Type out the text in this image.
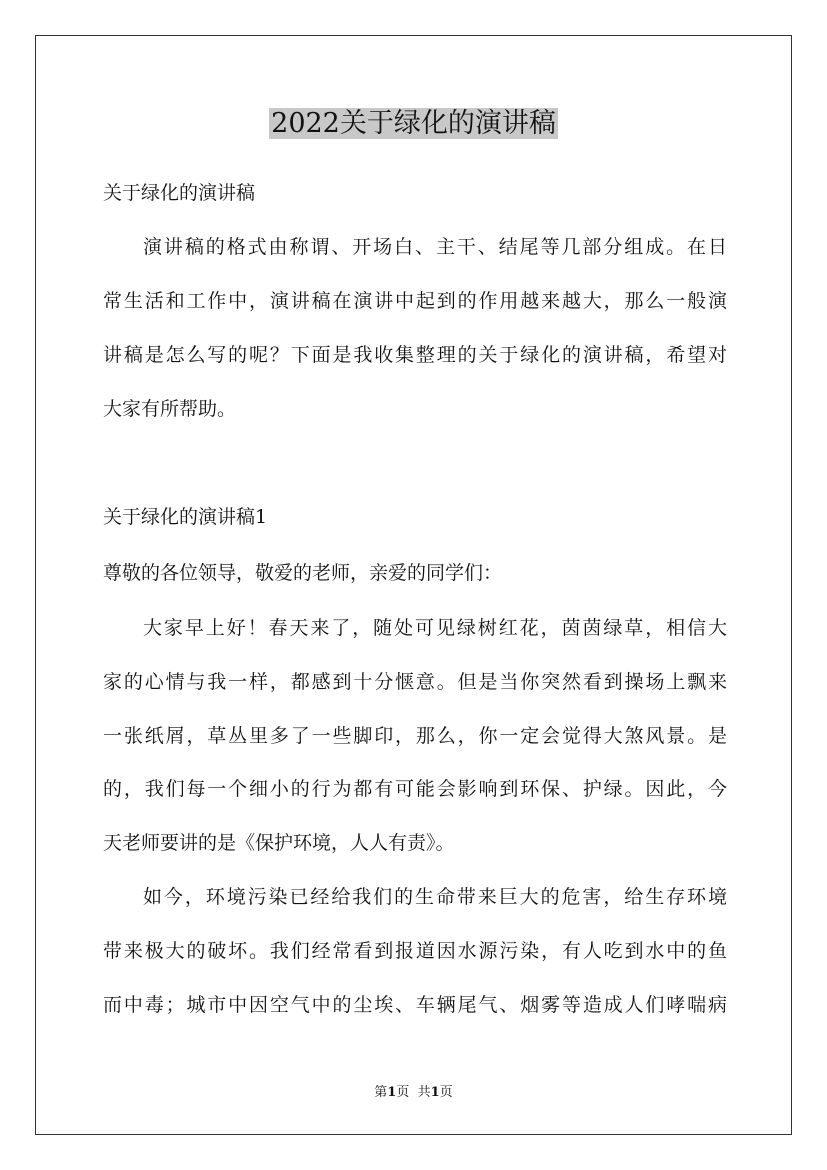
2022关于绿化的演讲稿
关于绿化的演讲稿
演讲稿的格式由称谓、开场白、主干、结尾等几部分组成。在日
常生活和工作中，演讲稿在演讲中起到的作用越来越大，那么一般演
讲稿是怎么写的呢？下面是我收集整理的关于绿化的演讲稿，希望对
大家有所帮助。
关于绿化的演讲稿1
尊敬的各位领导，敬爱的老师，亲爱的同学们：
大家早上好！春天来了，随处可见绿树红花，茵茵绿草，相信大
家的心情与我一样，都感到十分惬意。但是当你突然看到操场上飘来
一张纸屑，草丛里多了一些脚印，那么，你一定会觉得大煞风景。是
的，我们每一个细小的行为都有可能会影响到环保、护绿。因此，今
天老师要讲的是《保护环境，人人有责》。
如今，环境污染已经给我们的生命带来巨大的危害，给生存环境
带来极大的破坏。我们经常看到报道因水源污染，有人吃到水中的鱼
而中毒；城市中因空气中的尘埃、车辆尾气、烟雾等造成人们哮喘病
第1页 共1页
